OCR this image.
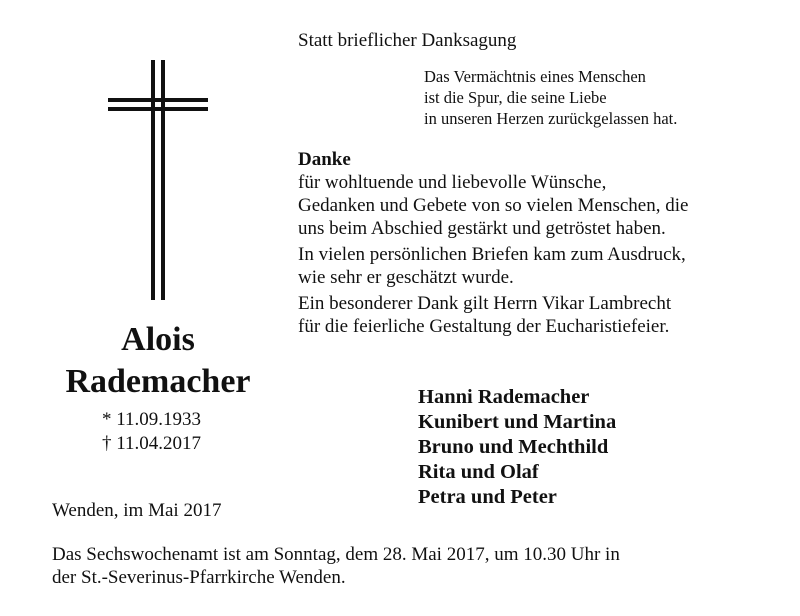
Alois
Rademacher
* 11.09.1933
† 11.04.2017
Statt brieflicher Danksagung
Das Vermächtnis eines Menschen
ist die Spur, die seine Liebe
in unseren Herzen zurückgelassen hat.
Danke
für wohltuende und liebevolle Wünsche,
Gedanken und Gebete von so vielen Menschen, die
uns beim Abschied gestärkt und getröstet haben.
In vielen persönlichen Briefen kam zum Ausdruck,
wie sehr er geschätzt wurde.
Ein besonderer Dank gilt Herrn Vikar Lambrecht
für die feierliche Gestaltung der Eucharistiefeier.
Hanni Rademacher
Kunibert und Martina
Bruno und Mechthild
Rita und Olaf
Petra und Peter
Wenden, im Mai 2017
Das Sechswochenamt ist am Sonntag, dem 28. Mai 2017, um 10.30 Uhr in
der St.-Severinus-Pfarrkirche Wenden.
